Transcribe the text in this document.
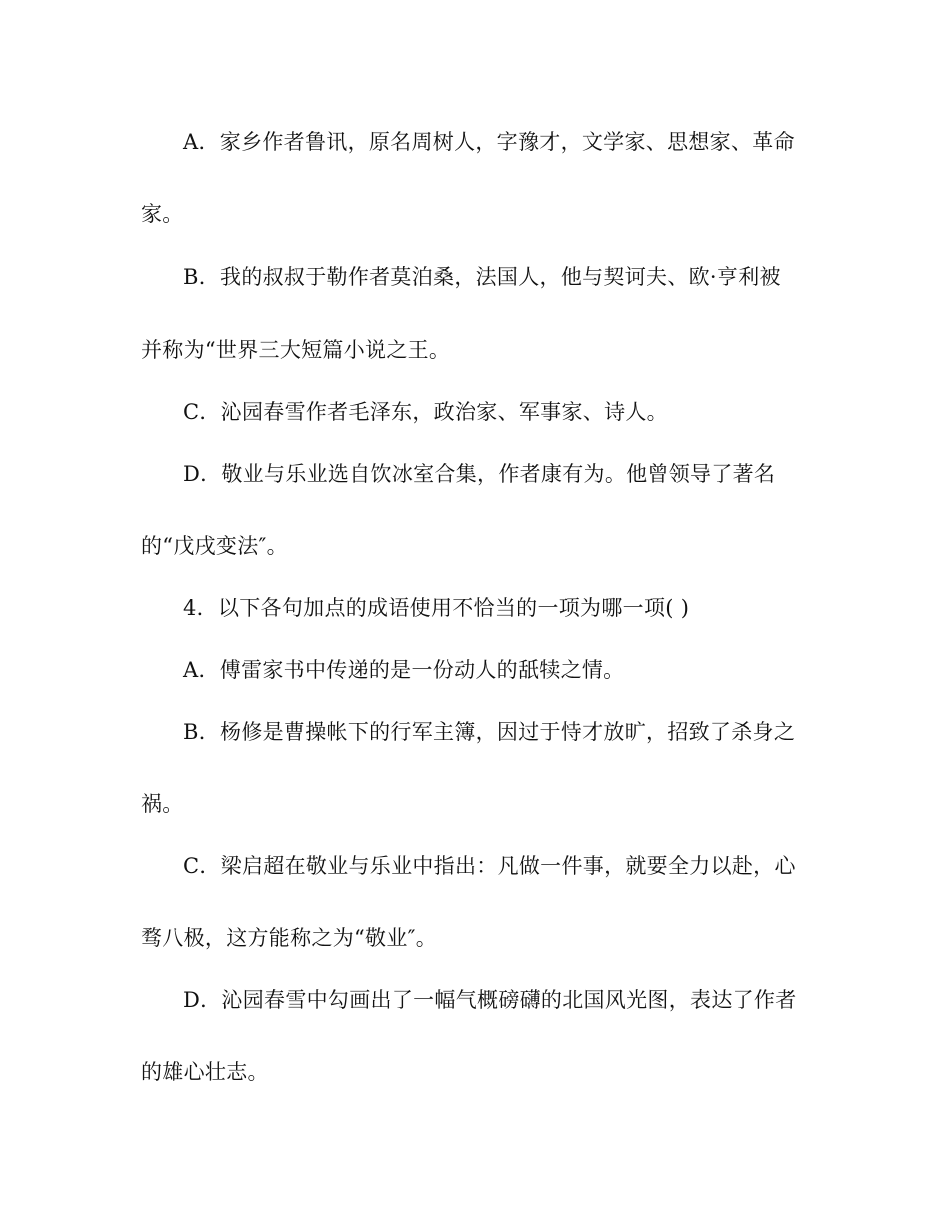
A．家乡作者鲁讯，原名周树人，字豫才，文学家、思想家、革命
家。
B．我的叔叔于勒作者莫泊桑，法国人，他与契诃夫、欧·亨利被
并称为“世界三大短篇小说之王。
C．沁园春雪作者毛泽东，政治家、军事家、诗人。
D．敬业与乐业选自饮冰室合集，作者康有为。他曾领导了著名
的“戊戌变法″。
4．以下各句加点的成语使用不恰当的一项为哪一项( )
A．傅雷家书中传递的是一份动人的舐犊之情。
B．杨修是曹操帐下的行军主簿，因过于恃才放旷，招致了杀身之
祸。
C．梁启超在敬业与乐业中指出：凡做一件事，就要全力以赴，心
骛八极，这方能称之为“敬业″。
D．沁园春雪中勾画出了一幅气概磅礴的北国风光图，表达了作者
的雄心壮志。
